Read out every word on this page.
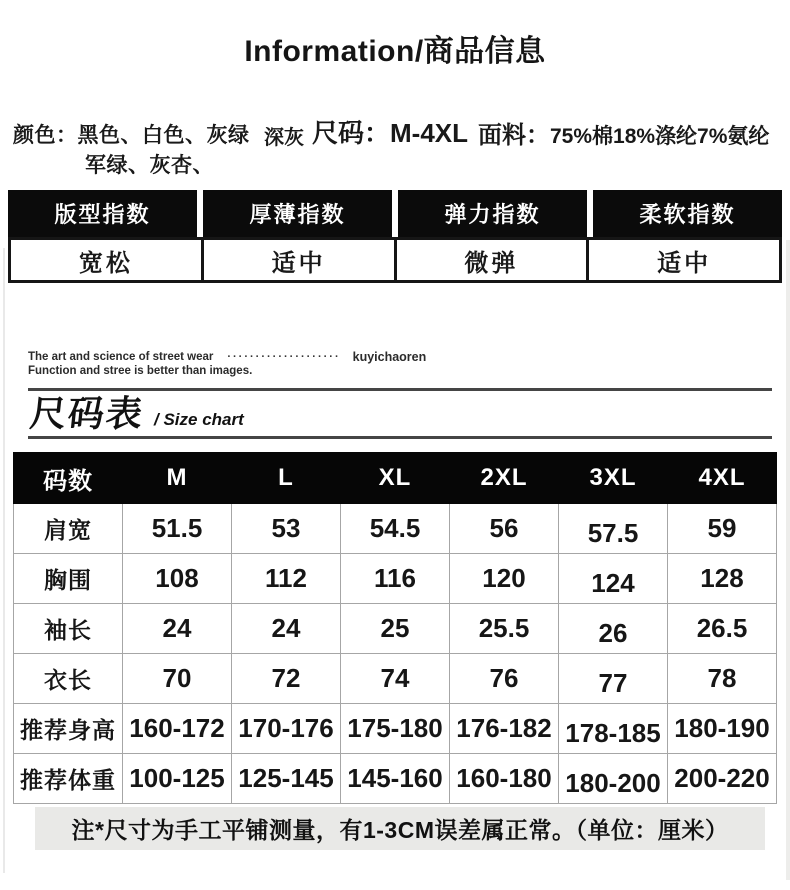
Information/商品信息
颜色：黑色、白色、灰绿 深灰
军绿、灰杏、
尺码：M-4XL 面料：75%棉18%涤纶7%氨纶
版型指数	厚薄指数	弹力指数	柔软指数
宽松	适中	微弹	适中
The art and science of street wear ···················· kuyichaoren
Function and stree is better than images.
尺码表 / Size chart
码数	M	L	XL	2XL	3XL	4XL
肩宽	51.5	53	54.5	56	57.5	59
胸围	108	112	116	120	124	128
袖长	24	24	25	25.5	26	26.5
衣长	70	72	74	76	77	78
推荐身高	160-172	170-176	175-180	176-182	178-185	180-190
推荐体重	100-125	125-145	145-160	160-180	180-200	200-220
注*尺寸为手工平铺测量，有1-3CM误差属正常。（单位：厘米）
